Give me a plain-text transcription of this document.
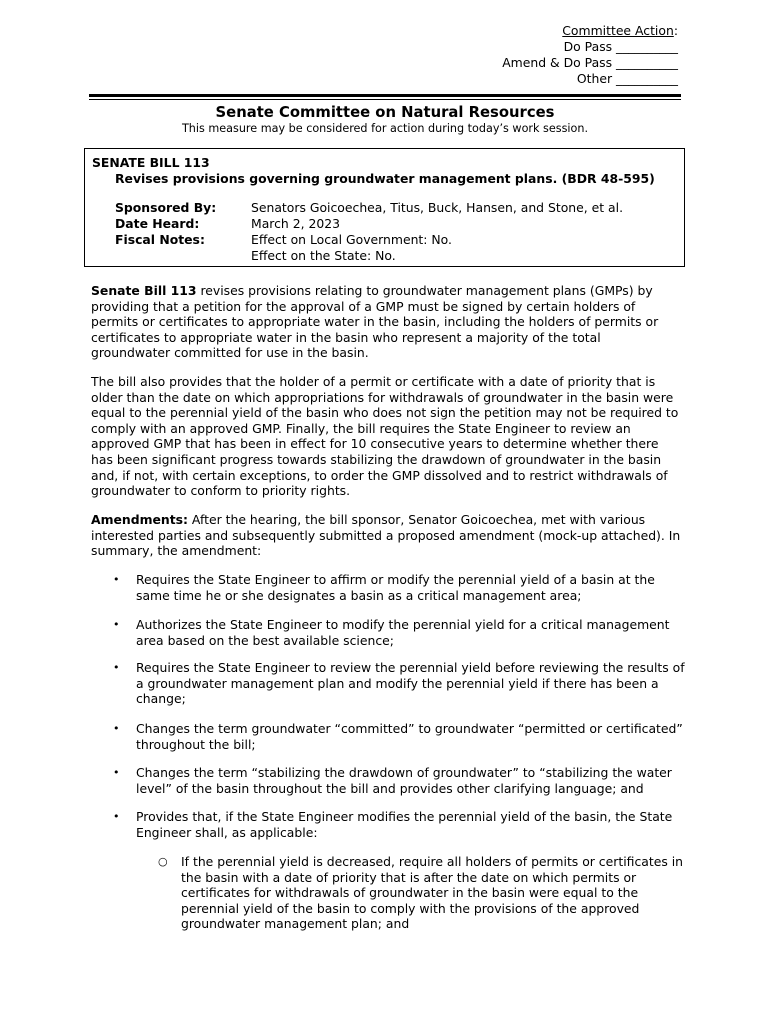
Committee Action:
Do Pass __________
Amend & Do Pass __________
Other __________
Senate Committee on Natural Resources
This measure may be considered for action during today’s work session.
SENATE BILL 113
Revises provisions governing groundwater management plans. (BDR 48-595)
Sponsored By:
Date Heard:
Fiscal Notes:
Senators Goicoechea, Titus, Buck, Hansen, and Stone, et al.
March 2, 2023
Effect on Local Government: No.
Effect on the State: No.
Senate Bill 113 revises provisions relating to groundwater management plans (GMPs) by providing that a petition for the approval of a GMP must be signed by certain holders of permits or certificates to appropriate water in the basin, including the holders of permits or certificates to appropriate water in the basin who represent a majority of the total groundwater committed for use in the basin.
The bill also provides that the holder of a permit or certificate with a date of priority that is older than the date on which appropriations for withdrawals of groundwater in the basin were equal to the perennial yield of the basin who does not sign the petition may not be required to comply with an approved GMP. Finally, the bill requires the State Engineer to review an approved GMP that has been in effect for 10 consecutive years to determine whether there has been significant progress towards stabilizing the drawdown of groundwater in the basin and, if not, with certain exceptions, to order the GMP dissolved and to restrict withdrawals of groundwater to conform to priority rights.
Amendments: After the hearing, the bill sponsor, Senator Goicoechea, met with various interested parties and subsequently submitted a proposed amendment (mock-up attached). In summary, the amendment:
• Requires the State Engineer to affirm or modify the perennial yield of a basin at the same time he or she designates a basin as a critical management area;
• Authorizes the State Engineer to modify the perennial yield for a critical management area based on the best available science;
• Requires the State Engineer to review the perennial yield before reviewing the results of a groundwater management plan and modify the perennial yield if there has been a change;
• Changes the term groundwater “committed” to groundwater “permitted or certificated” throughout the bill;
• Changes the term “stabilizing the drawdown of groundwater” to “stabilizing the water level” of the basin throughout the bill and provides other clarifying language; and
• Provides that, if the State Engineer modifies the perennial yield of the basin, the State Engineer shall, as applicable:
○ If the perennial yield is decreased, require all holders of permits or certificates in the basin with a date of priority that is after the date on which permits or certificates for withdrawals of groundwater in the basin were equal to the perennial yield of the basin to comply with the provisions of the approved groundwater management plan; and
